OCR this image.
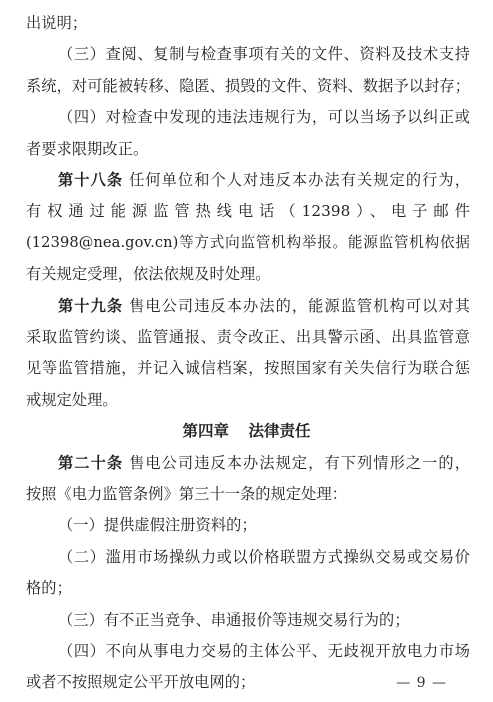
出说明；
（三）查阅、复制与检查事项有关的文件、资料及技术支持
系统，对可能被转移、隐匿、损毁的文件、资料、数据予以封存；
（四）对检查中发现的违法违规行为，可以当场予以纠正或
者要求限期改正。
第十八条 任何单位和个人对违反本办法有关规定的行为，
有权通过能源监管热线电话（12398）、电子邮件
(12398@nea.gov.cn)等方式向监管机构举报。能源监管机构依据
有关规定受理，依法依规及时处理。
第十九条 售电公司违反本办法的，能源监管机构可以对其
采取监管约谈、监管通报、责令改正、出具警示函、出具监管意
见等监管措施，并记入诚信档案，按照国家有关失信行为联合惩
戒规定处理。
第四章 法律责任
第二十条 售电公司违反本办法规定，有下列情形之一的，
按照《电力监管条例》第三十一条的规定处理：
（一）提供虚假注册资料的；
（二）滥用市场操纵力或以价格联盟方式操纵交易或交易价
格的；
（三）有不正当竞争、串通报价等违规交易行为的；
（四）不向从事电力交易的主体公平、无歧视开放电力市场
或者不按照规定公平开放电网的；	— 9 —
